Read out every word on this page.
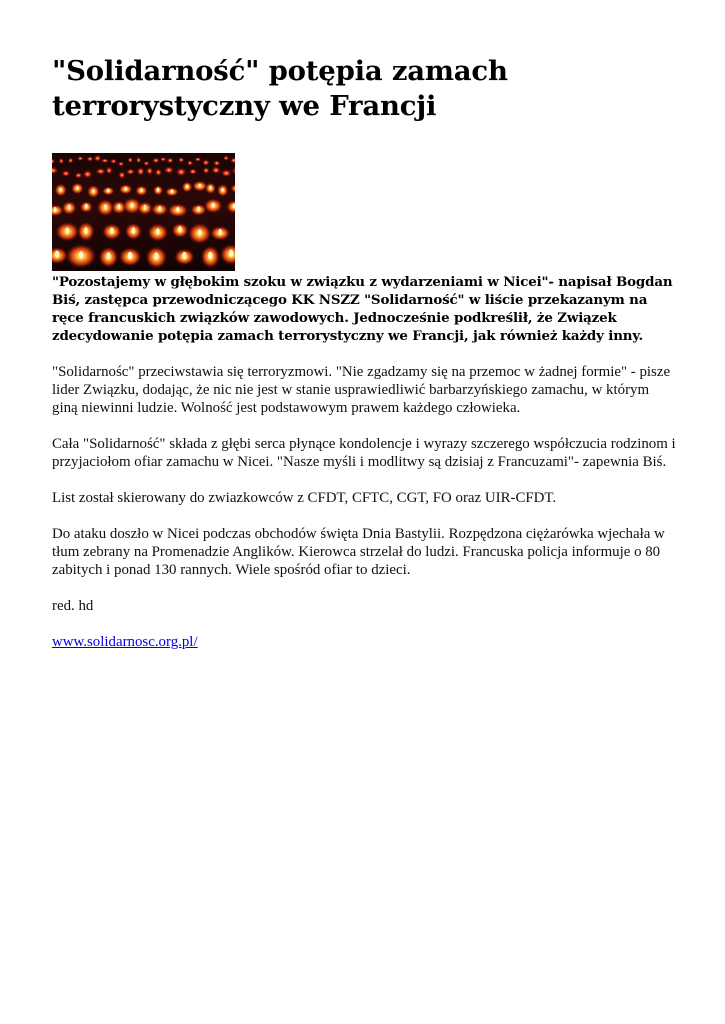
"Solidarność" potępia zamach terrorystyczny we Francji

"Pozostajemy w głębokim szoku w związku z wydarzeniami w Nicei"- napisał Bogdan Biś, zastępca przewodniczącego KK NSZZ "Solidarność" w liście przekazanym na ręce francuskich związków zawodowych. Jednocześnie podkreślił, że Związek zdecydowanie potępia zamach terrorystyczny we Francji, jak również każdy inny.

"Solidarnośc" przeciwstawia się terroryzmowi. "Nie zgadzamy się na przemoc w żadnej formie" - pisze lider Związku, dodając, że nic nie jest w stanie usprawiedliwić barbarzyńskiego zamachu, w którym giną niewinni ludzie. Wolność jest podstawowym prawem każdego człowieka.

Cała "Solidarność" składa z głębi serca płynące kondolencje i wyrazy szczerego współczucia rodzinom i przyjaciołom ofiar zamachu w Nicei. "Nasze myśli i modlitwy są dzisiaj z Francuzami"- zapewnia Biś.

List został skierowany do zwiazkowców z CFDT, CFTC, CGT, FO oraz UIR-CFDT.

Do ataku doszło w Nicei podczas obchodów święta Dnia Bastylii. Rozpędzona ciężarówka wjechała w tłum zebrany na Promenadzie Anglików. Kierowca strzelał do ludzi. Francuska policja informuje o 80 zabitych i ponad 130 rannych. Wiele spośród ofiar to dzieci.

red. hd

www.solidarnosc.org.pl/
